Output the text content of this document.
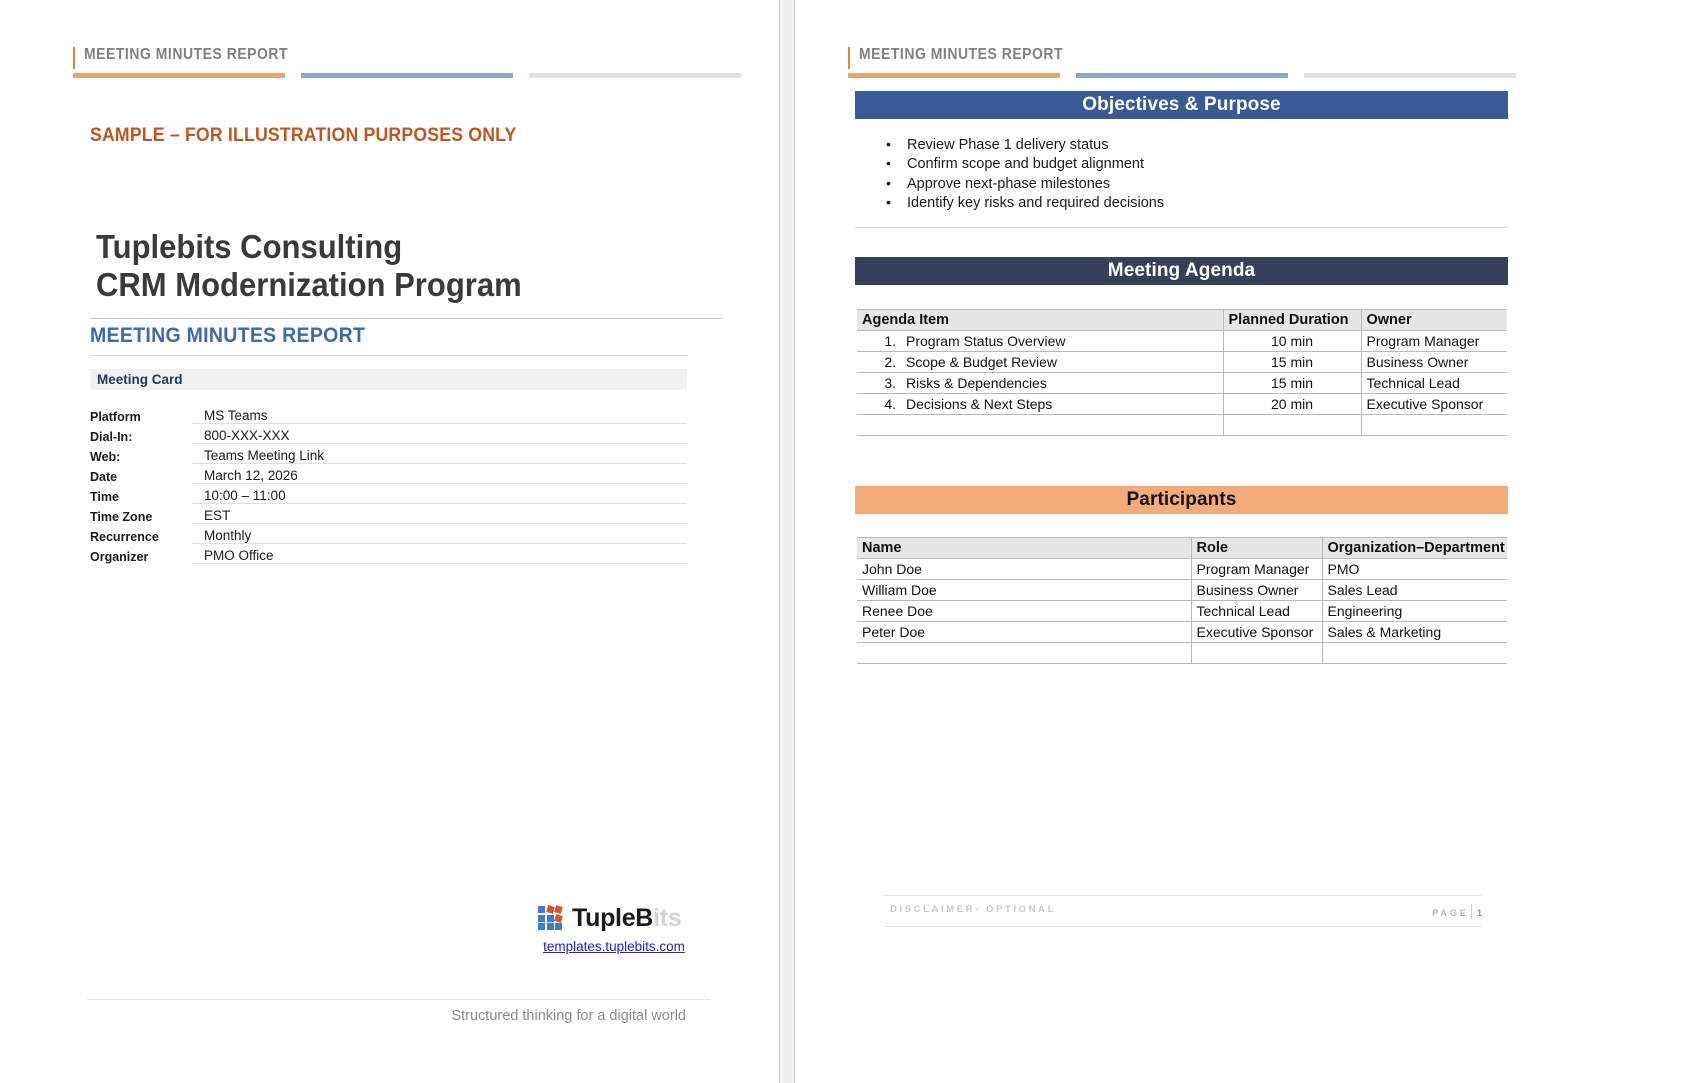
MEETING MINUTES REPORT
SAMPLE – FOR ILLUSTRATION PURPOSES ONLY
Tuplebits Consulting
CRM Modernization Program
MEETING MINUTES REPORT
Meeting Card
Platform	MS Teams
Dial-In:	800-XXX-XXX
Web:	Teams Meeting Link
Date	March 12, 2026
Time	10:00 – 11:00
Time Zone	EST
Recurrence	Monthly
Organizer	PMO Office
TupleBits
templates.tuplebits.com
Structured thinking for a digital world
MEETING MINUTES REPORT
Objectives & Purpose
• Review Phase 1 delivery status
• Confirm scope and budget alignment
• Approve next-phase milestones
• Identify key risks and required decisions
Meeting Agenda
Agenda Item	Planned Duration	Owner
1. Program Status Overview	10 min	Program Manager
2. Scope & Budget Review	15 min	Business Owner
3. Risks & Dependencies	15 min	Technical Lead
4. Decisions & Next Steps	20 min	Executive Sponsor

Participants
Name	Role	Organization–Department
John Doe	Program Manager	PMO
William Doe	Business Owner	Sales Lead
Renee Doe	Technical Lead	Engineering
Peter Doe	Executive Sponsor	Sales & Marketing

DISCLAIMER- OPTIONAL	PAGE 1
